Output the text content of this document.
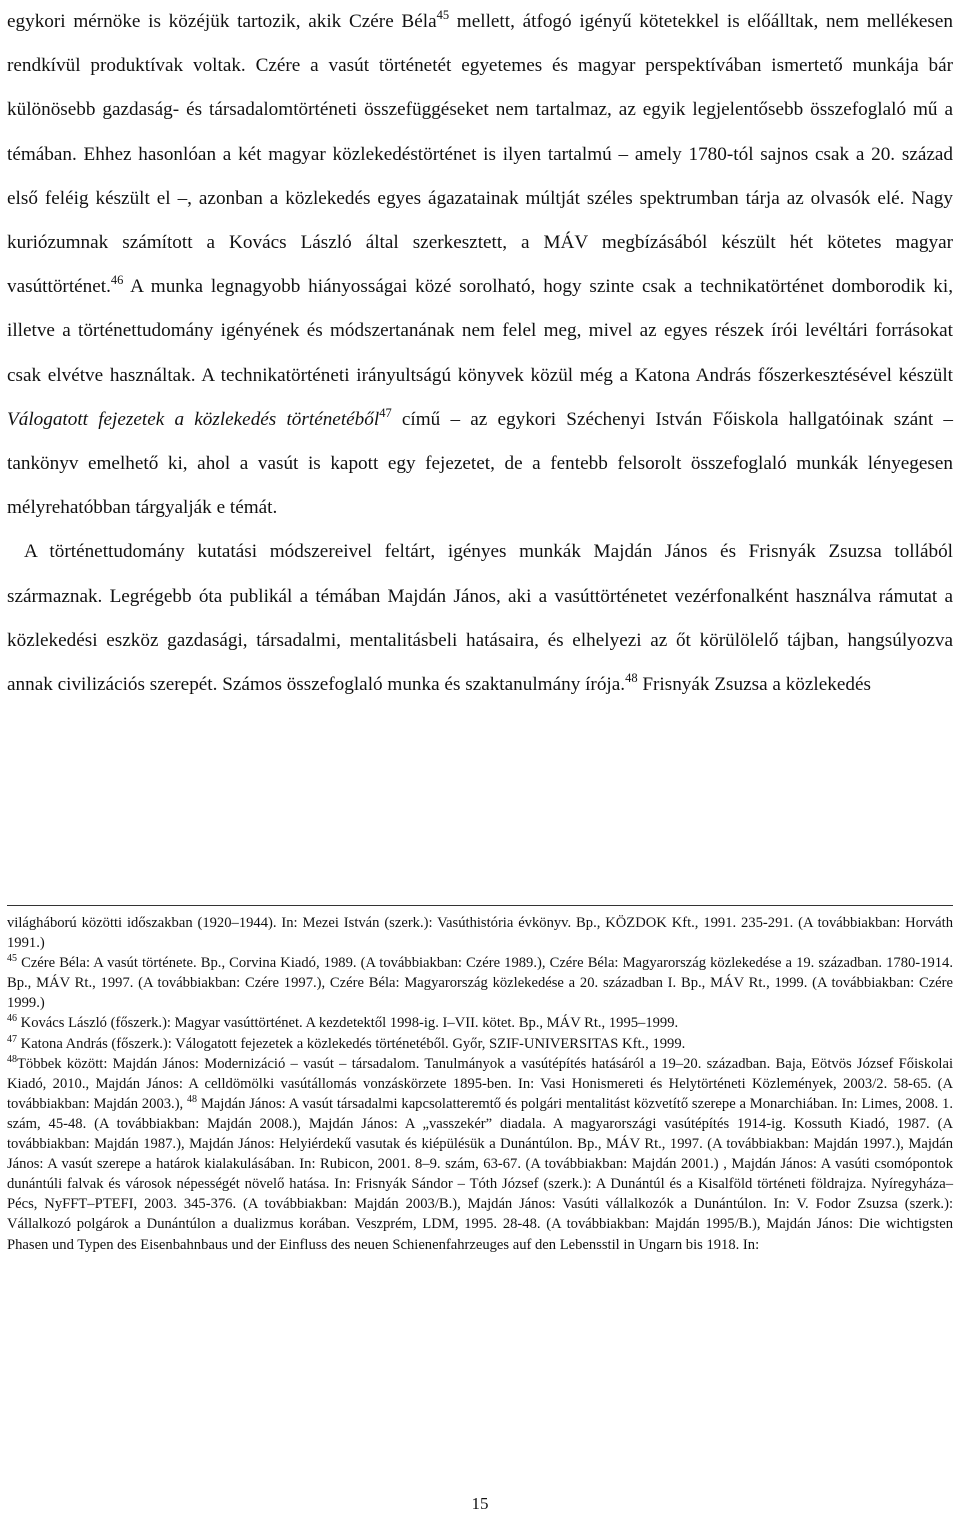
egykori mérnöke is közéjük tartozik, akik Czére Béla$^{45}$ mellett, átfogó igényű kötetekkel is előálltak, nem mellékesen rendkívül produktívak voltak. Czére a vasút történetét egyetemes és magyar perspektívában ismertető munkája bár különösebb gazdaság- és társadalomtörténeti összefüggéseket nem tartalmaz, az egyik legjelentősebb összefoglaló mű a témában. Ehhez hasonlóan a két magyar közlekedéstörténet is ilyen tartalmú – amely 1780-tól sajnos csak a 20. század első feléig készült el –, azonban a közlekedés egyes ágazatainak múltját széles spektrumban tárja az olvasók elé. Nagy kuriózumnak számított a Kovács László által szerkesztett, a MÁV megbízásából készült hét kötetes magyar vasúttörténet.$^{46}$ A munka legnagyobb hiányosságai közé sorolható, hogy szinte csak a technikatörténet domborodik ki, illetve a történettudomány igényének és módszertanának nem felel meg, mivel az egyes részek írói levéltári forrásokat csak elvétve használtak. A technikatörténeti irányultságú könyvek közül még a Katona András főszerkesztésével készült Válogatott fejezetek a közlekedés történetéből$^{47}$ című – az egykori Széchenyi István Főiskola hallgatóinak szánt – tankönyv emelhető ki, ahol a vasút is kapott egy fejezetet, de a fentebb felsorolt összefoglaló munkák lényegesen mélyrehatóbban tárgyalják e témát.

A történettudomány kutatási módszereivel feltárt, igényes munkák Majdán János és Frisnyák Zsuzsa tollából származnak. Legrégebb óta publikál a témában Majdán János, aki a vasúttörténetet vezérfonalként használva rámutat a közlekedési eszköz gazdasági, társadalmi, mentalitásbeli hatásaira, és elhelyezi az őt körülölelő tájban, hangsúlyozva annak civilizációs szerepét. Számos összefoglaló munka és szaktanulmány írója.$^{48}$ Frisnyák Zsuzsa a közlekedés

világháború közötti időszakban (1920–1944). In: Mezei István (szerk.): Vasúthistória évkönyv. Bp., KÖZDOK Kft., 1991. 235-291. (A továbbiakban: Horváth 1991.)

$^{45}$ Czére Béla: A vasút története. Bp., Corvina Kiadó, 1989. (A továbbiakban: Czére 1989.), Czére Béla: Magyarország közlekedése a 19. században. 1780-1914. Bp., MÁV Rt., 1997. (A továbbiakban: Czére 1997.), Czére Béla: Magyarország közlekedése a 20. században I. Bp., MÁV Rt., 1999. (A továbbiakban: Czére 1999.)

$^{46}$ Kovács László (főszerk.): Magyar vasúttörténet. A kezdetektől 1998-ig. I–VII. kötet. Bp., MÁV Rt., 1995–1999.

$^{47}$ Katona András (főszerk.): Válogatott fejezetek a közlekedés történetéből. Győr, SZIF-UNIVERSITAS Kft., 1999.

$^{48}$Többek között: Majdán János: Modernizáció – vasút – társadalom. Tanulmányok a vasútépítés hatásáról a 19–20. században. Baja, Eötvös József Főiskolai Kiadó, 2010., Majdán János: A celldömölki vasútállomás vonzáskörzete 1895-ben. In: Vasi Honismereti és Helytörténeti Közlemények, 2003/2. 58-65. (A továbbiakban: Majdán 2003.), $^{48}$ Majdán János: A vasút társadalmi kapcsolatteremtő és polgári mentalitást közvetítő szerepe a Monarchiában. In: Limes, 2008. 1. szám, 45-48. (A továbbiakban: Majdán 2008.), Majdán János: A „vasszekér” diadala. A magyarországi vasútépítés 1914-ig. Kossuth Kiadó, 1987. (A továbbiakban: Majdán 1987.), Majdán János: Helyiérdekű vasutak és kiépülésük a Dunántúlon. Bp., MÁV Rt., 1997. (A továbbiakban: Majdán 1997.), Majdán János: A vasút szerepe a határok kialakulásában. In: Rubicon, 2001. 8–9. szám, 63-67. (A továbbiakban: Majdán 2001.) , Majdán János: A vasúti csomópontok dunántúli falvak és városok népességét növelő hatása. In: Frisnyák Sándor – Tóth József (szerk.): A Dunántúl és a Kisalföld történeti földrajza. Nyíregyháza–Pécs, NyFFT–PTEFI, 2003. 345-376. (A továbbiakban: Majdán 2003/B.), Majdán János: Vasúti vállalkozók a Dunántúlon. In: V. Fodor Zsuzsa (szerk.): Vállalkozó polgárok a Dunántúlon a dualizmus korában. Veszprém, LDM, 1995. 28-48. (A továbbiakban: Majdán 1995/B.), Majdán János: Die wichtigsten Phasen und Typen des Eisenbahnbaus und der Einfluss des neuen Schienenfahrzeuges auf den Lebensstil in Ungarn bis 1918. In:

15
